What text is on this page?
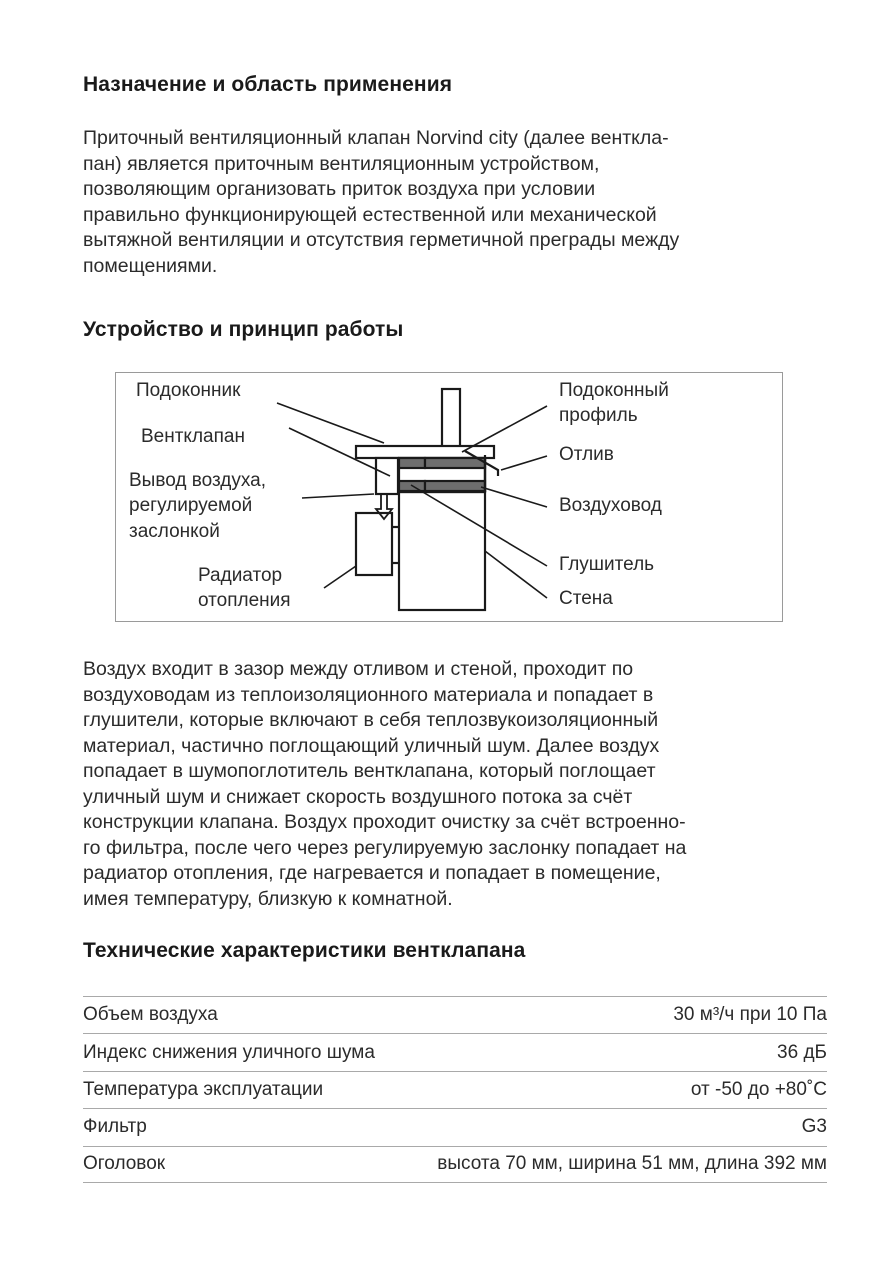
Назначение и область применения
Приточный вентиляционный клапан Norvind city (далее венткла-
пан) является приточным вентиляционным устройством,
позволяющим организовать приток воздуха при условии
правильно функционирующей естественной или механической
вытяжной вентиляции и отсутствия герметичной преграды между
помещениями.
Устройство и принцип работы
Подоконник
Вентклапан
Вывод воздуха,
регулируемой
заслонкой
Радиатор
отопления
Подоконный
профиль
Отлив
Воздуховод
Глушитель
Стена
Воздух входит в зазор между отливом и стеной, проходит по
воздуховодам из теплоизоляционного материала и попадает в
глушители, которые включают в себя теплозвукоизоляционный
материал, частично поглощающий уличный шум. Далее воздух
попадает в шумопоглотитель вентклапана, который поглощает
уличный шум и снижает скорость воздушного потока за счёт
конструкции клапана. Воздух проходит очистку за счёт встроенно-
го фильтра, после чего через регулируемую заслонку попадает на
радиатор отопления, где нагревается и попадает в помещение,
имея температуру, близкую к комнатной.
Технические характеристики вентклапана
Объем воздуха	30 м³/ч при 10 Па
Индекс снижения уличного шума	36 дБ
Температура эксплуатации	от -50 до +80˚С
Фильтр	G3
Оголовок	высота 70 мм, ширина 51 мм, длина 392 мм
